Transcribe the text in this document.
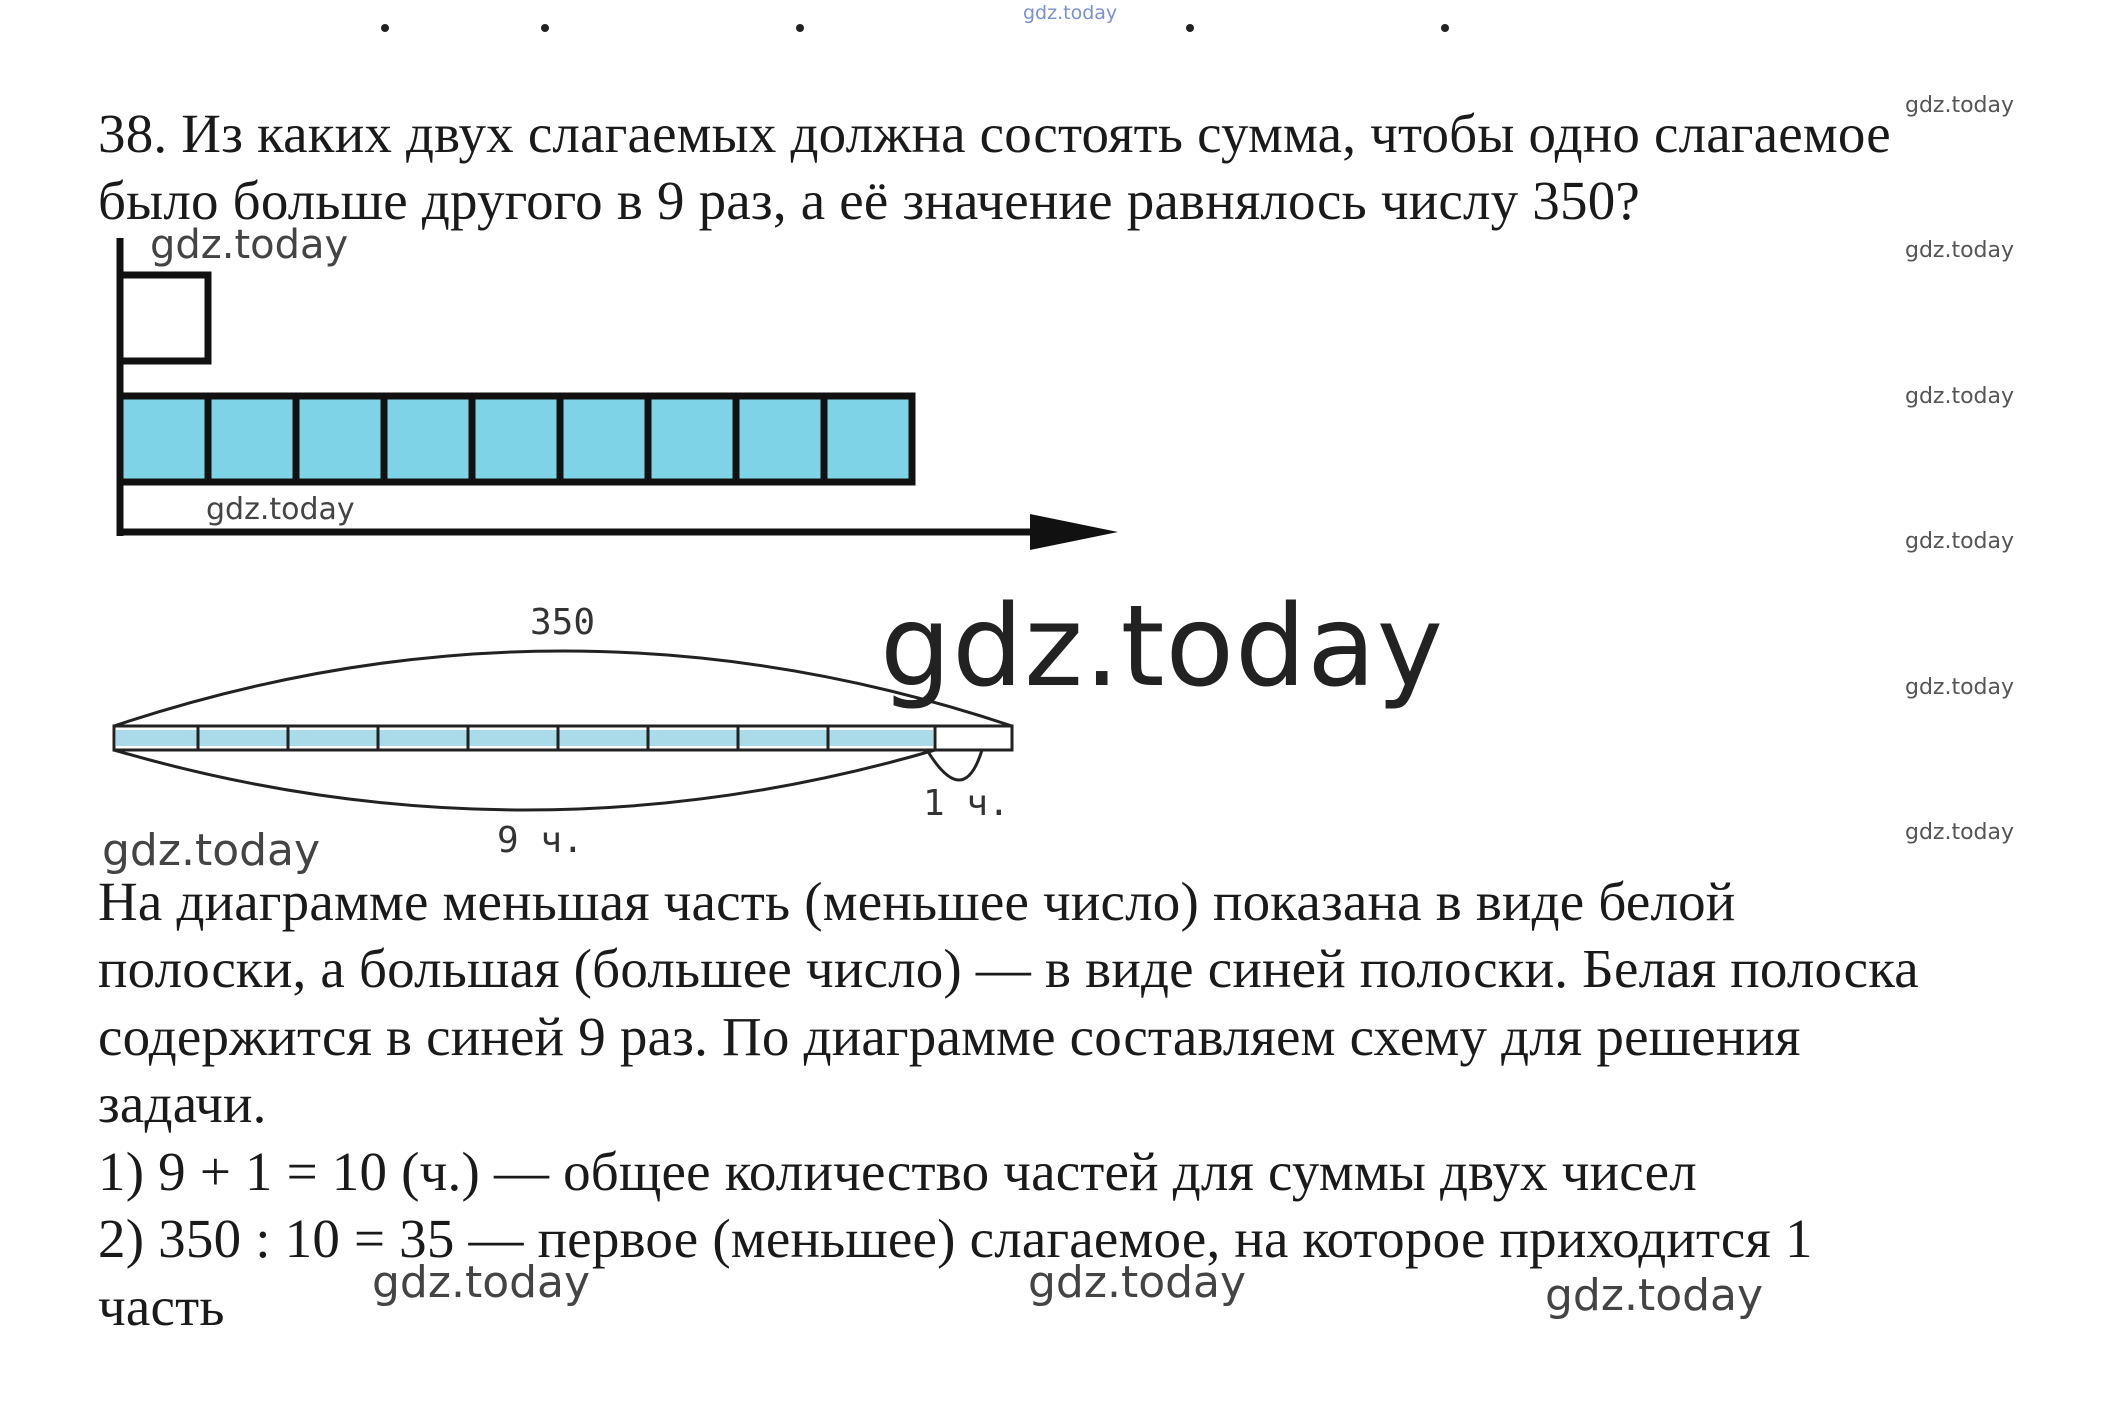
gdz.today
38. Из каких двух слагаемых должна состоять сумма, чтобы одно слагаемое
было больше другого в 9 раз, а её значение равнялось числу 350?
350
9 ч.
1 ч.
На диаграмме меньшая часть (меньшее число) показана в виде белой
полоски, а большая (большее число) — в виде синей полоски. Белая полоска
содержится в синей 9 раз. По диаграмме составляем схему для решения
задачи.
1) 9 + 1 = 10 (ч.) — общее количество частей для суммы двух чисел
2) 350 : 10 = 35 — первое (меньшее) слагаемое, на которое приходится 1
часть
gdz.today
gdz.today
gdz.today
gdz.today
gdz.today
gdz.today
gdz.today
gdz.today
gdz.today
gdz.today
gdz.today	gdz.today	gdz.today
